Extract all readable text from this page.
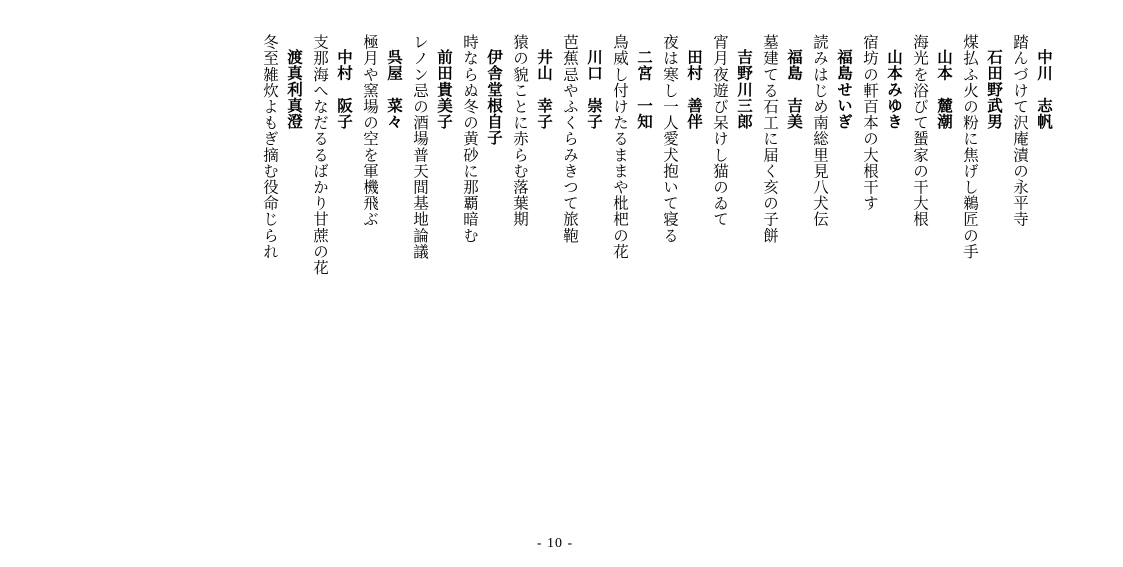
中川　志帆
踏んづけて沢庵漬の永平寺
石田野武男
煤払ふ火の粉に焦げし鵜匠の手
山本　麓潮
海光を浴びて蜑家の干大根
山本みゆき
宿坊の軒百本の大根干す
福島せいぎ
読みはじめ南総里見八犬伝
福島　吉美
墓建てる石工に届く亥の子餅
吉野川三郎
宵月夜遊び呆けし猫のゐて
田村　善伴
夜は寒し一人愛犬抱いて寝る
二宮　一知
鳥威し付けたるままや枇杷の花
川口　崇子
芭蕉忌やふくらみきつて旅鞄
井山　幸子
猿の貌ことに赤らむ落葉期
伊舎堂根自子
時ならぬ冬の黄砂に那覇暗む
前田貴美子
レノン忌の酒場普天間基地論議
呉屋　菜々
極月や窯場の空を軍機飛ぶ
中村　阪子
支那海へなだるるばかり甘蔗の花
渡真利真澄
冬至雑炊よもぎ摘む役命じられ
- 10 -
